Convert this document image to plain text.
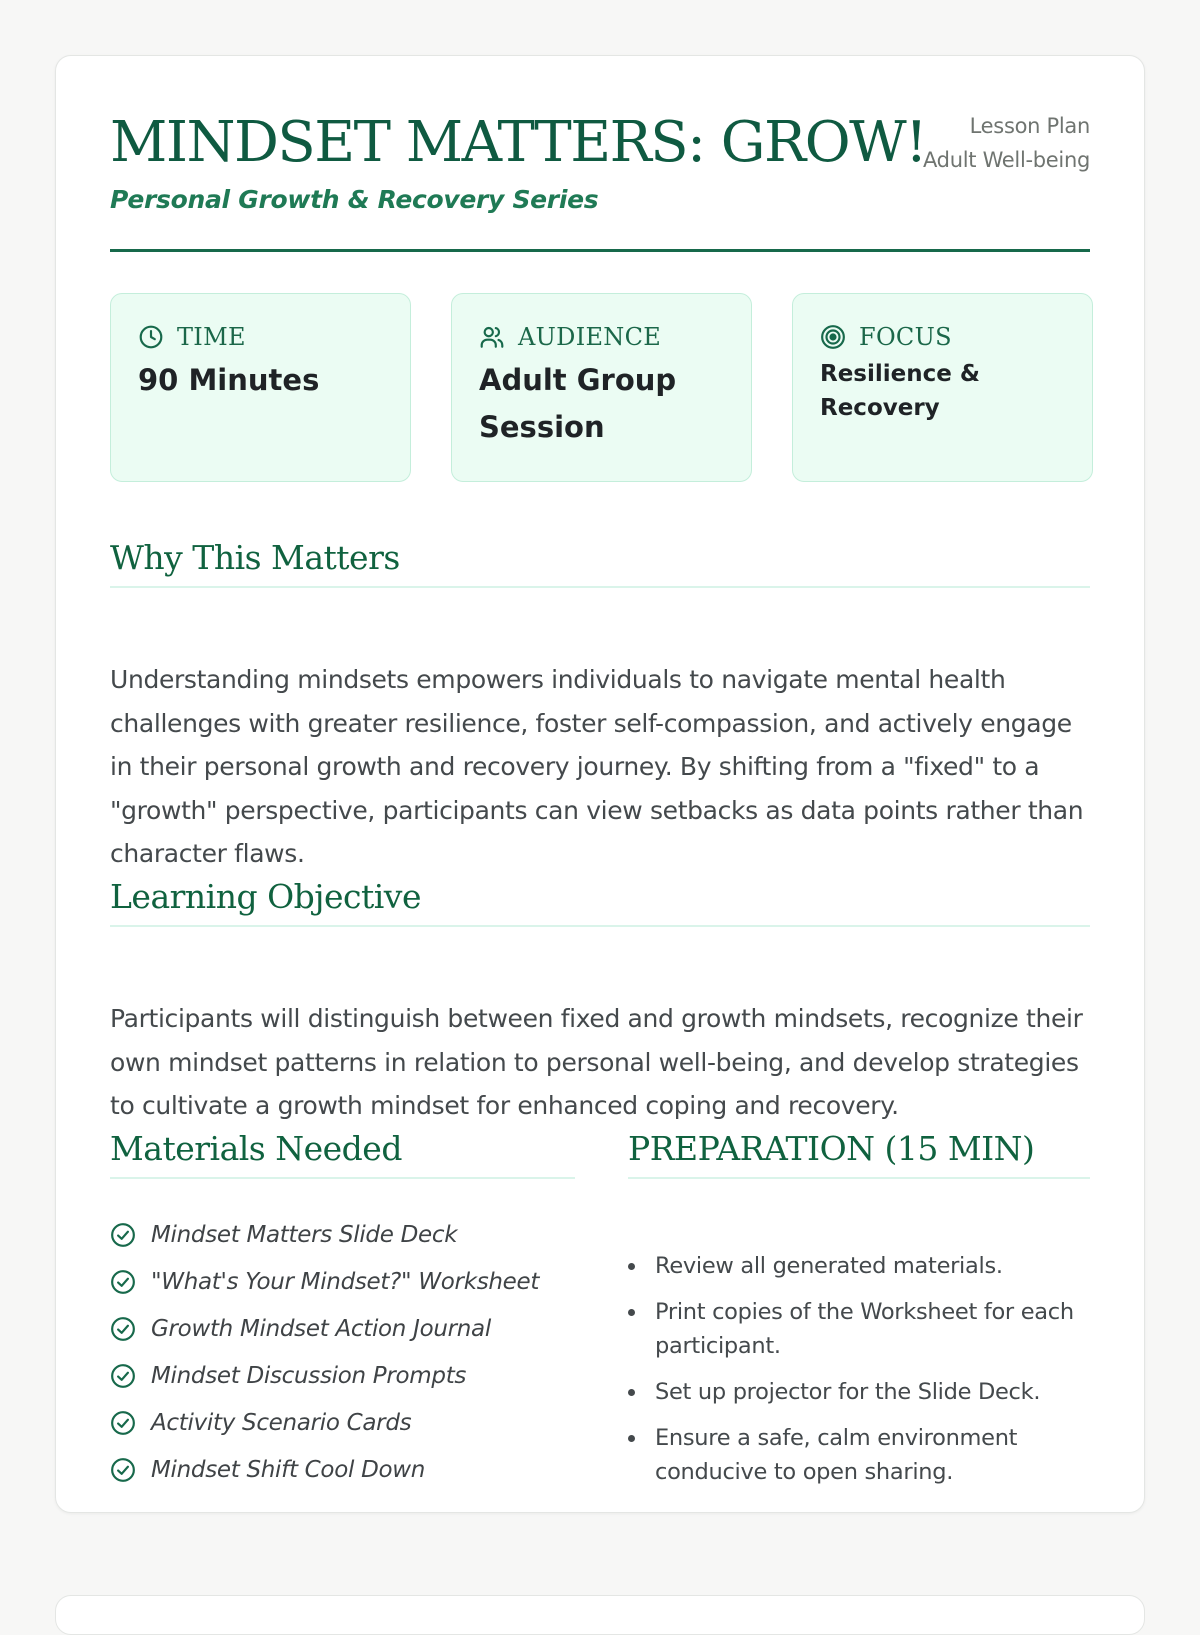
MINDSET MATTERS: GROW!
Personal Growth & Recovery Series
Lesson Plan
Adult Well-being
TIME
90 Minutes
AUDIENCE
Adult Group Session
FOCUS
Resilience & Recovery
Why This Matters

Understanding mindsets empowers individuals to navigate mental health challenges with greater resilience, foster self-compassion, and actively engage in their personal growth and recovery journey. By shifting from a "fixed" to a "growth" perspective, participants can view setbacks as data points rather than character flaws.

Learning Objective

Participants will distinguish between fixed and growth mindsets, recognize their own mindset patterns in relation to personal well-being, and develop strategies to cultivate a growth mindset for enhanced coping and recovery.

Materials Needed
Mindset Matters Slide Deck
"What's Your Mindset?" Worksheet
Growth Mindset Action Journal
Mindset Discussion Prompts
Activity Scenario Cards
Mindset Shift Cool Down
PREPARATION (15 MIN)
Review all generated materials.
Print copies of the Worksheet for each participant.
Set up projector for the Slide Deck.
Ensure a safe, calm environment conducive to open sharing.
